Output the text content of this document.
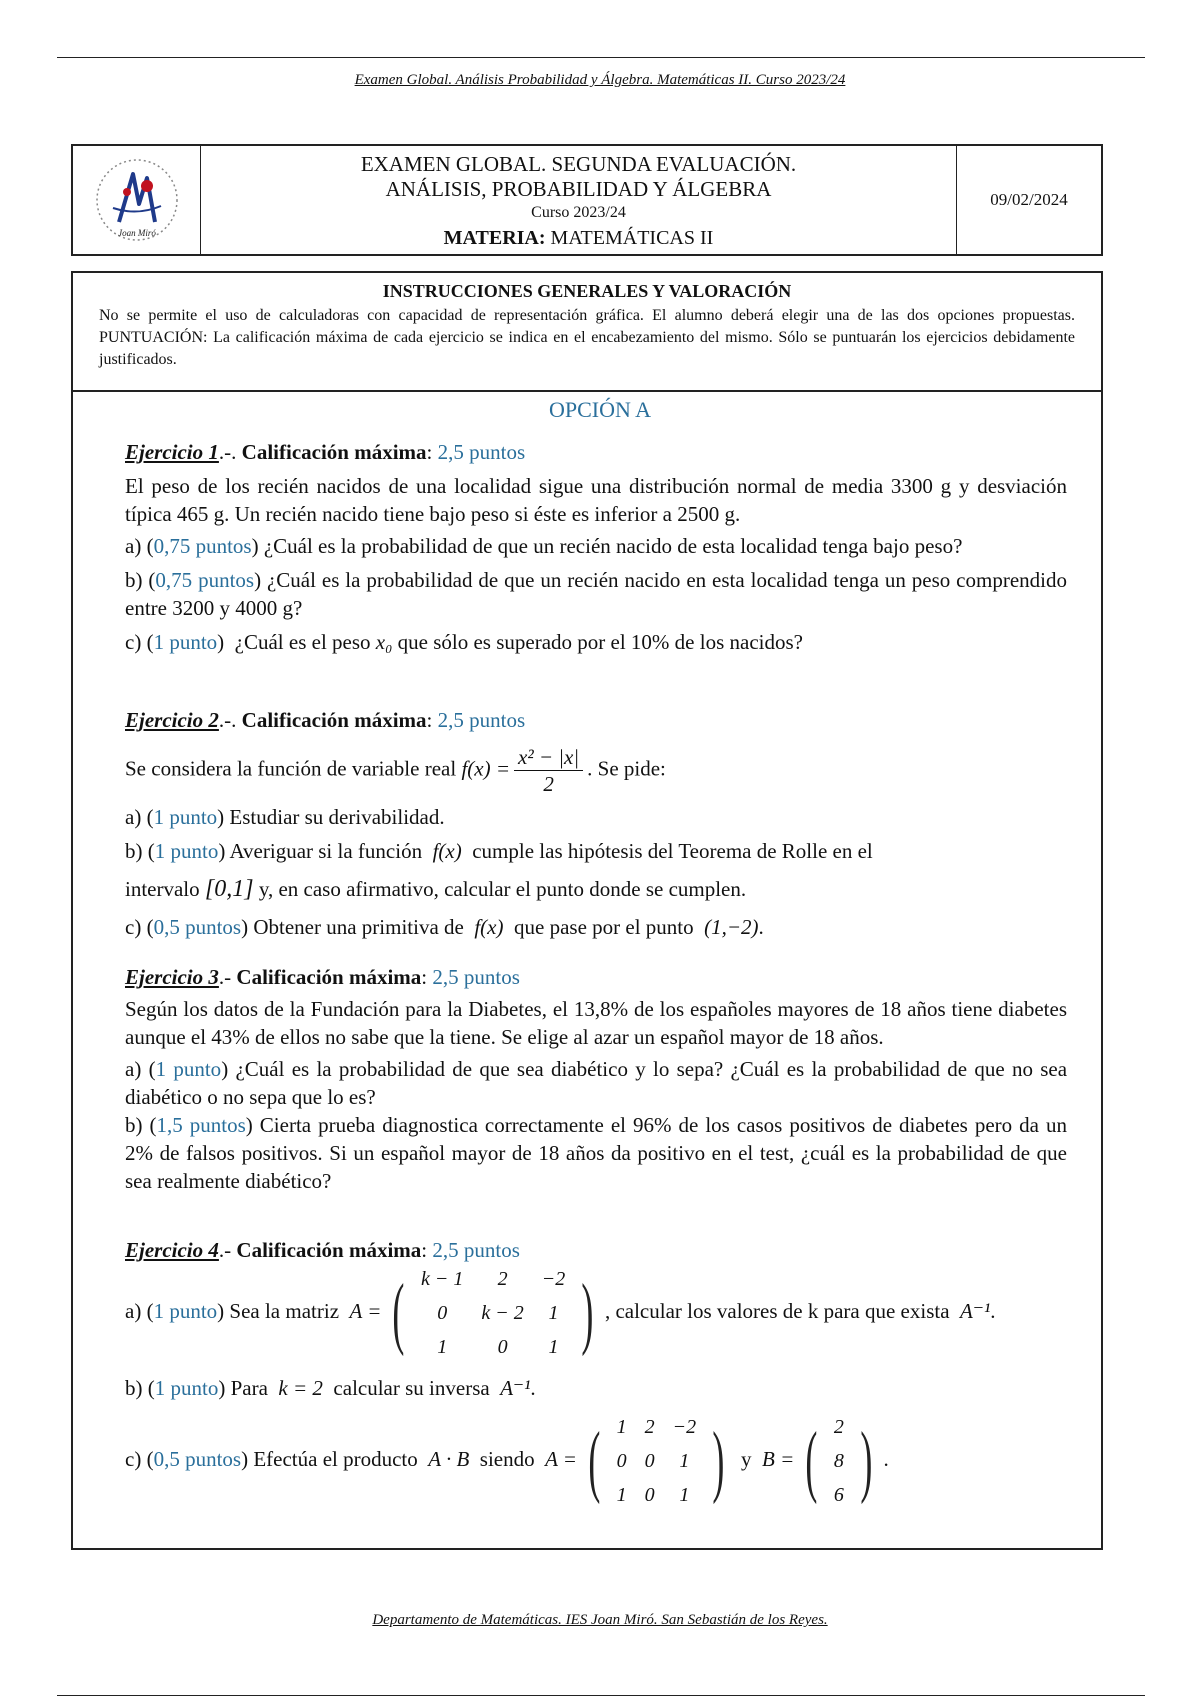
Examen Global. Análisis Probabilidad y Álgebra. Matemáticas II. Curso 2023/24
Joan Miró
EXAMEN GLOBAL. SEGUNDA EVALUACIÓN.
ANÁLISIS, PROBABILIDAD Y ÁLGEBRA
Curso 2023/24
MATERIA: MATEMÁTICAS II
09/02/2024
INSTRUCCIONES GENERALES Y VALORACIÓN

No se permite el uso de calculadoras con capacidad de representación gráfica. El alumno deberá elegir una de las dos opciones propuestas. PUNTUACIÓN: La calificación máxima de cada ejercicio se indica en el encabezamiento del mismo. Sólo se puntuarán los ejercicios debidamente justificados.

OPCIÓN A
Ejercicio 1.-. Calificación máxima: 2,5 puntos
El peso de los recién nacidos de una localidad sigue una distribución normal de media 3300 g y desviación típica 465 g. Un recién nacido tiene bajo peso si éste es inferior a 2500 g.
a) (0,75 puntos) ¿Cuál es la probabilidad de que un recién nacido de esta localidad tenga bajo peso?
b) (0,75 puntos) ¿Cuál es la probabilidad de que un recién nacido en esta localidad tenga un peso comprendido entre 3200 y 4000 g?
c) (1 punto)  ¿Cuál es el peso x₀ que sólo es superado por el 10% de los nacidos?
Ejercicio 2.-. Calificación máxima: 2,5 puntos
Se considera la función de variable real $f(x) = \frac{\text{x² − |x|}}{2}$ . Se pide:
a) (1 punto) Estudiar su derivabilidad.
b) (1 punto) Averiguar si la función f(x) cumple las hipótesis del Teorema de Rolle en el
intervalo [0,1] y, en caso afirmativo, calcular el punto donde se cumplen.
c) (0,5 puntos) Obtener una primitiva de f(x) que pase por el punto (1,−2).
Ejercicio 3.- Calificación máxima: 2,5 puntos
Según los datos de la Fundación para la Diabetes, el 13,8% de los españoles mayores de 18 años tiene diabetes aunque el 43% de ellos no sabe que la tiene. Se elige al azar un español mayor de 18 años.
a) (1 punto) ¿Cuál es la probabilidad de que sea diabético y lo sepa? ¿Cuál es la probabilidad de que no sea diabético o no sepa que lo es?
b) (1,5 puntos) Cierta prueba diagnostica correctamente el 96% de los casos positivos de diabetes pero da un 2% de falsos positivos. Si un español mayor de 18 años da positivo en el test, ¿cuál es la probabilidad de que sea realmente diabético?
Ejercicio 4.- Calificación máxima: 2,5 puntos
a) (1 punto) Sea la matriz A = ( k − 1	2	−2
0	k − 2	1
1	0	1 ) , calcular los valores de k para que exista A⁻¹.
b) (1 punto) Para k = 2 calcular su inversa A⁻¹.
c) (0,5 puntos) Efectúa el producto A · B siendo A = ( 1	2	−2
0	0	1
1	0	1 ) y B = ( 2
8
6 ) .
Departamento de Matemáticas. IES Joan Miró. San Sebastián de los Reyes.
